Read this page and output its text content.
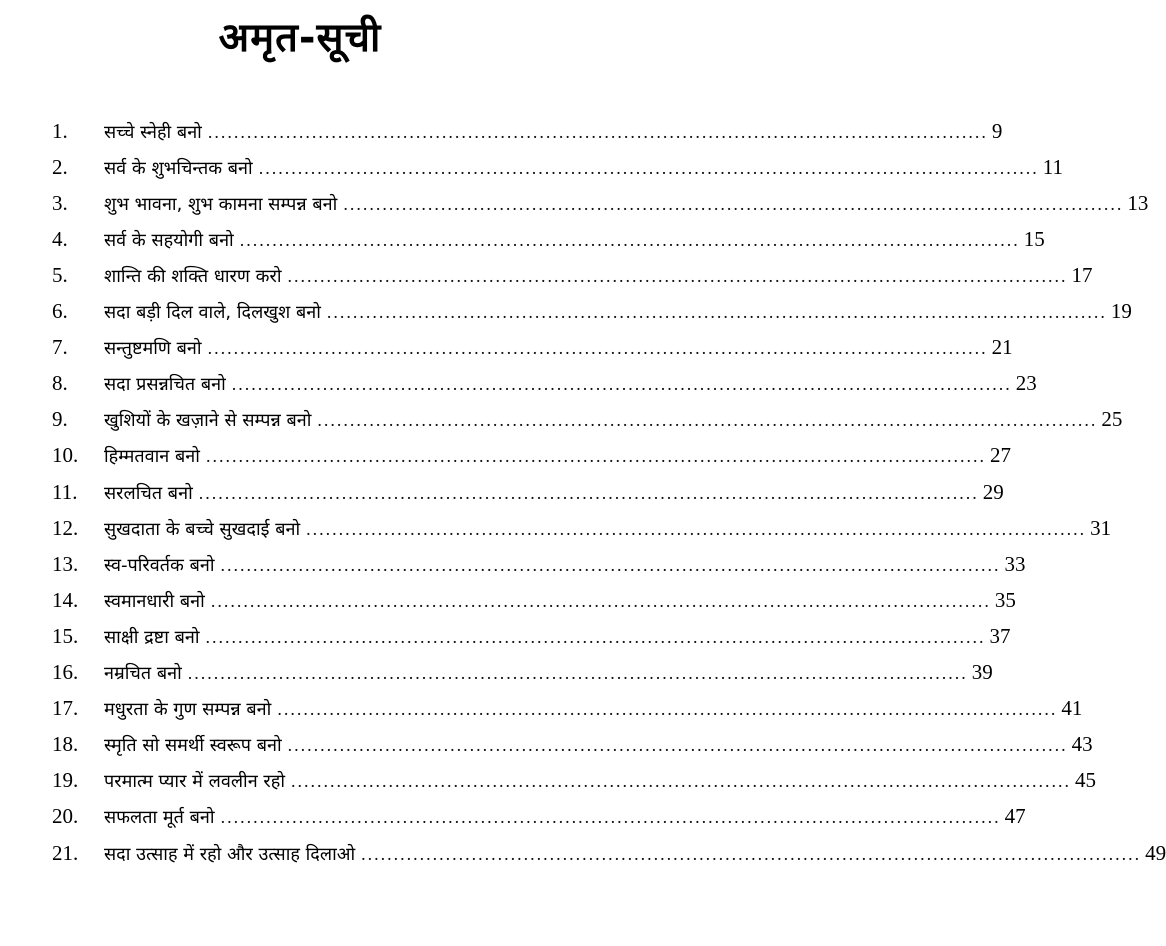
अमृत-सूची
1.	सच्चे स्नेही बनो ........................................................................................................................ 9
2.	सर्व के शुभचिन्तक बनो ........................................................................................................................ 11
3.	शुभ भावना, शुभ कामना सम्पन्न बनो ........................................................................................................................ 13
4.	सर्व के सहयोगी बनो ........................................................................................................................ 15
5.	शान्ति की शक्ति धारण करो ........................................................................................................................ 17
6.	सदा बड़ी दिल वाले, दिलखुश बनो ........................................................................................................................ 19
7.	सन्तुष्टमणि बनो ........................................................................................................................ 21
8.	सदा प्रसन्नचित बनो ........................................................................................................................ 23
9.	खुशियों के खज़ाने से सम्पन्न बनो ........................................................................................................................ 25
10.	हिम्मतवान बनो ........................................................................................................................ 27
11.	सरलचित बनो ........................................................................................................................ 29
12.	सुखदाता के बच्चे सुखदाई बनो ........................................................................................................................ 31
13.	स्व-परिवर्तक बनो ........................................................................................................................ 33
14.	स्वमानधारी बनो ........................................................................................................................ 35
15.	साक्षी द्रष्टा बनो ........................................................................................................................ 37
16.	नम्रचित बनो ........................................................................................................................ 39
17.	मधुरता के गुण सम्पन्न बनो ........................................................................................................................ 41
18.	स्मृति सो समर्थी स्वरूप बनो ........................................................................................................................ 43
19.	परमात्म प्यार में लवलीन रहो ........................................................................................................................ 45
20.	सफलता मूर्त बनो ........................................................................................................................ 47
21.	सदा उत्साह में रहो और उत्साह दिलाओ ........................................................................................................................ 49
